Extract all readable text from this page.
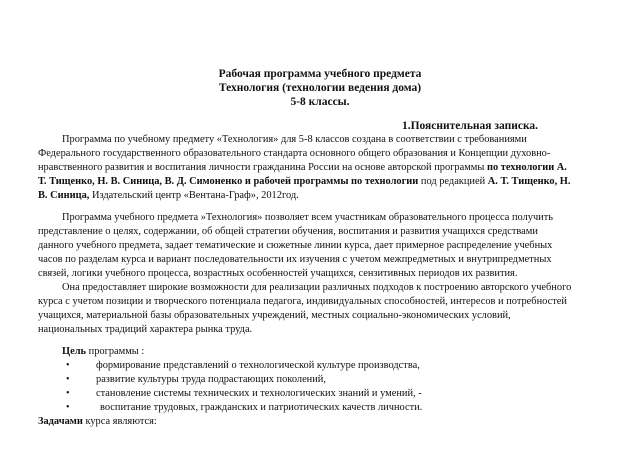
Рабочая программа учебного предмета
Технология (технологии ведения дома)
5-8 классы.
1.Пояснительная записка.
Программа по учебному предмету «Технология» для 5-8 классов создана в соответствии с требованиями
Федерального государственного образовательного стандарта основного общего образования и Концепции духовно-
нравственного развития и воспитания личности гражданина России на основе авторской программы по технологии А.
Т. Тищенко, Н. В. Синица, В. Д. Симоненко и рабочей программы по технологии под редакцией А. Т. Тищенко, Н.
В. Синица, Издательский центр «Вентана-Граф», 2012год.
Программа учебного предмета »Технология» позволяет всем участникам образовательного процесса получить
представление о целях, содержании, об общей стратегии обучения, воспитания и развития учащихся средствами
данного учебного предмета, задает тематические и сюжетные линии курса, дает примерное распределение учебных
часов по разделам курса и вариант последовательности их изучения с учетом межпредметных и внутрипредметных
связей, логики учебного процесса, возрастных особенностей учащихся, сензитивных периодов их развития.
Она предоставляет широкие возможности для реализации различных подходов к построению авторского учебного
курса с учетом позиции и творческого потенциала педагога, индивидуальных способностей, интересов и потребностей
учащихся, материальной базы образовательных учреждений, местных социально-экономических условий,
национальных традиций характера рынка труда.
Цель программы :
•	формирование представлений о технологической культуре производства,
•	развитие культуры труда подрастающих поколений,
•	становление системы технических и технологических знаний и умений, -
•	воспитание трудовых, гражданских и патриотических качеств личности.
Задачами курса являются:
